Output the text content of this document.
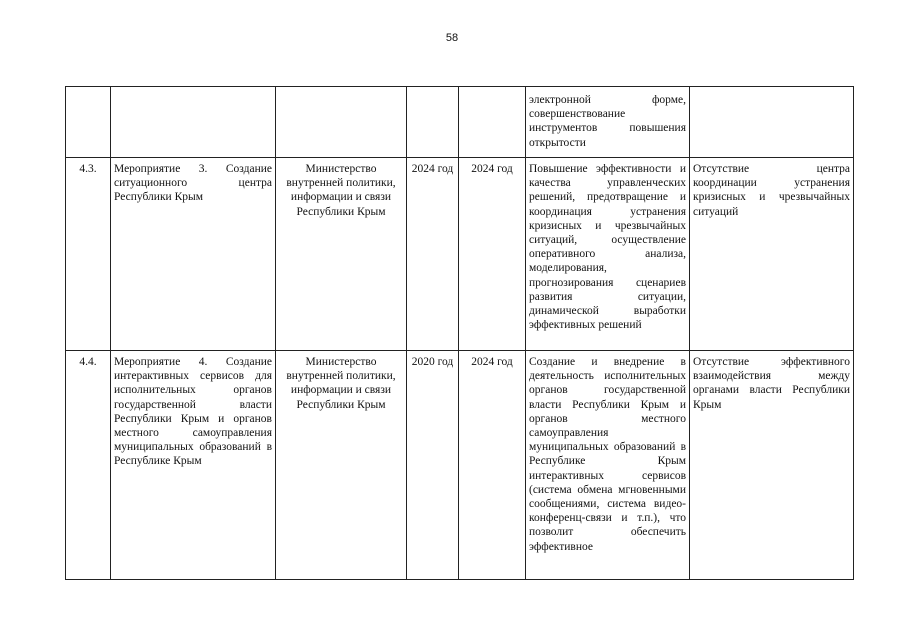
58
					электронной форме, совершенствование инструментов повышения открытости	
4.3.	Мероприятие 3. Создание ситуационного центра Республики Крым	Министерство внутренней политики, информации и связи Республики Крым	2024 год	2024 год	Повышение эффективности и качества управленческих решений, предотвращение и координация устранения кризисных и чрезвычайных ситуаций, осуществление оперативного анализа, моделирования, прогнозирования сценариев развития ситуации, динамической выработки эффективных решений	Отсутствие центра координации устранения кризисных и чрезвычайных ситуаций
4.4.	Мероприятие 4. Создание интерактивных сервисов для исполнительных органов государственной власти Республики Крым и органов местного самоуправления муниципальных образований в Республике Крым	Министерство внутренней политики, информации и связи Республики Крым	2020 год	2024 год	Создание и внедрение в деятельность исполнительных органов государственной власти Республики Крым и органов местного самоуправления муниципальных образований в Республике Крым интерактивных сервисов (система обмена мгновенными сообщениями, система видео-конференц-связи и т.п.), что позволит обеспечить эффективное	Отсутствие эффективного взаимодействия между органами власти Республики Крым
